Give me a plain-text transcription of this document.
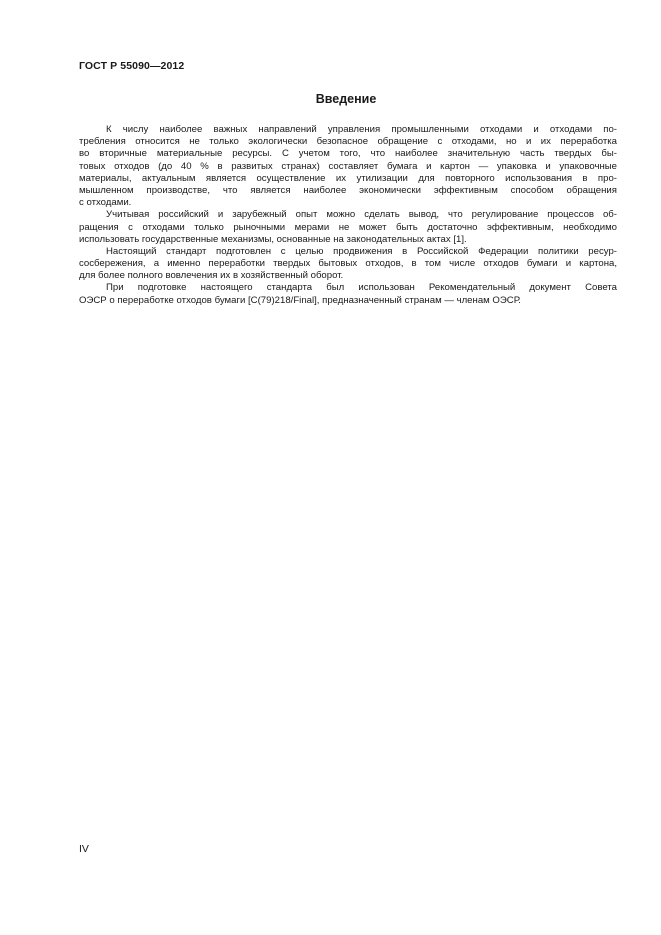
ГОСТ Р 55090—2012
Введение
К числу наиболее важных направлений управления промышленными отходами и отходами по-
требления относится не только экологически безопасное обращение с отходами, но и их переработка
во вторичные материальные ресурсы. С учетом того, что наиболее значительную часть твердых бы-
товых отходов (до 40 % в развитых странах) составляет бумага и картон — упаковка и упаковочные
материалы, актуальным является осуществление их утилизации для повторного использования в про-
мышленном производстве, что является наиболее экономически эффективным способом обращения
с отходами.
Учитывая российский и зарубежный опыт можно сделать вывод, что регулирование процессов об-
ращения с отходами только рыночными мерами не может быть достаточно эффективным, необходимо
использовать государственные механизмы, основанные на законодательных актах [1].
Настоящий стандарт подготовлен с целью продвижения в Российской Федерации политики ресур-
сосбережения, а именно переработки твердых бытовых отходов, в том числе отходов бумаги и картона,
для более полного вовлечения их в хозяйственный оборот.
При подготовке настоящего стандарта был использован Рекомендательный документ Совета
ОЭСР о переработке отходов бумаги [C(79)218/Final], предназначенный странам — членам ОЭСР.
IV
